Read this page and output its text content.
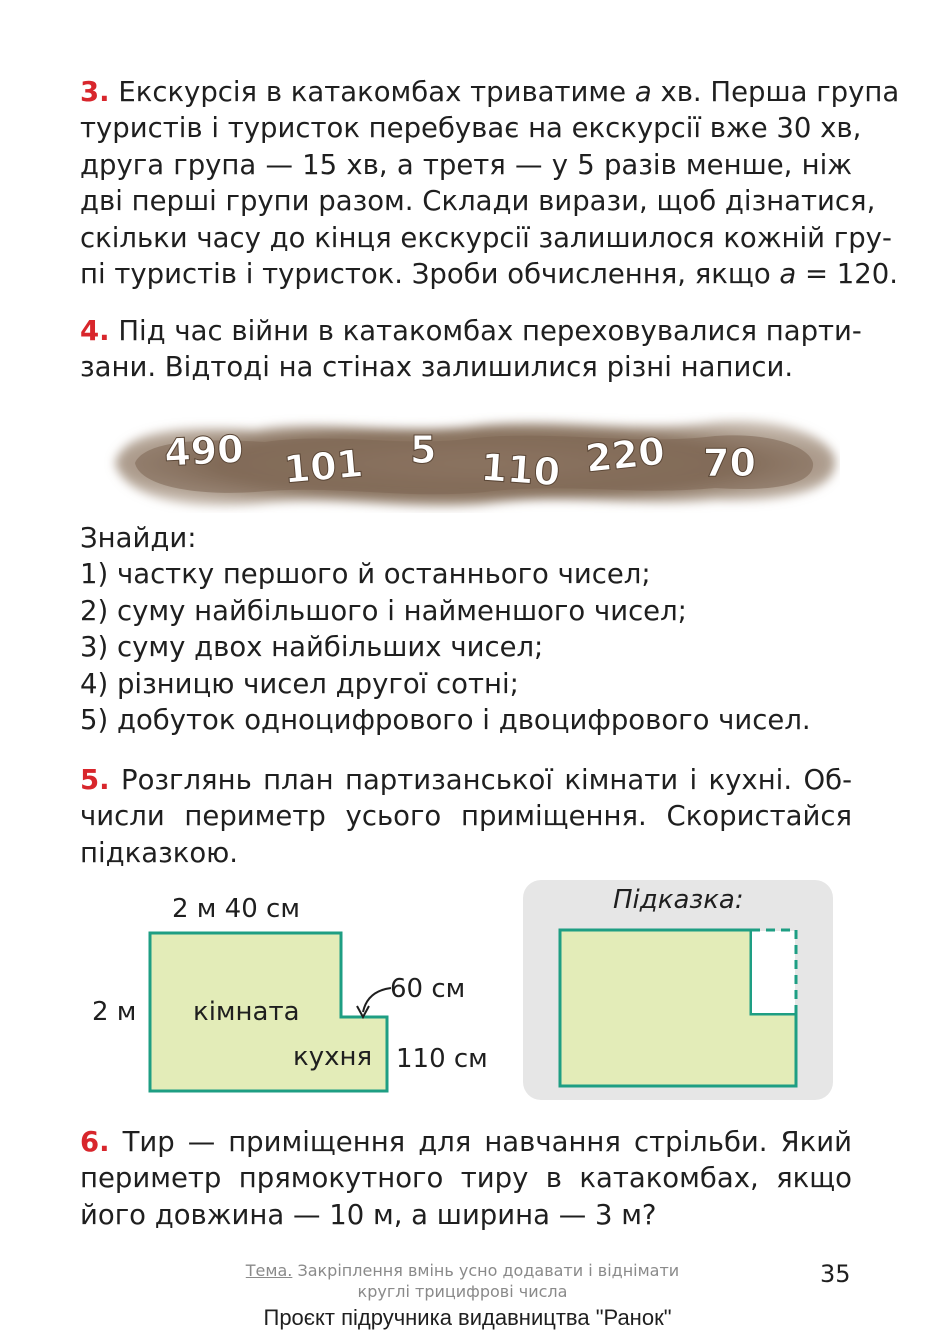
3. Екскурсія в катакомбах триватиме a хв. Перша група
туристів і туристок перебуває на екскурсії вже 30 хв,
друга група — 15 хв, а третя — у 5 разів менше, ніж
дві перші групи разом. Склади вирази, щоб дізнатися,
скільки часу до кінця екскурсії залишилося кожній гру-
пі туристів і туристок. Зроби обчислення, якщо a = 120.
4. Під час війни в катакомбах переховувалися парти-
зани. Відтоді на стінах залишилися різні написи.
490 101 5 110 220 70
Знайди:
1) частку першого й останнього чисел;
2) суму найбільшого і найменшого чисел;
3) суму двох найбільших чисел;
4) різницю чисел другої сотні;
5) добуток одноцифрового і двоцифрового чисел.
5. Розглянь план партизанської кімнати і кухні. Об-
числи периметр усього приміщення. Скористайся
підказкою.
2 м 40 см
2 м кімната
кухня
60 см
110 см
Підказка:
6. Тир — приміщення для навчання стрільби. Який
периметр прямокутного тиру в катакомбах, якщо
його довжина — 10 м, а ширина — 3 м?
Тема. Закріплення вмінь усно додавати і віднімати
круглі трицифрові числа
35
Проєкт підручника видавництва "Ранок"
